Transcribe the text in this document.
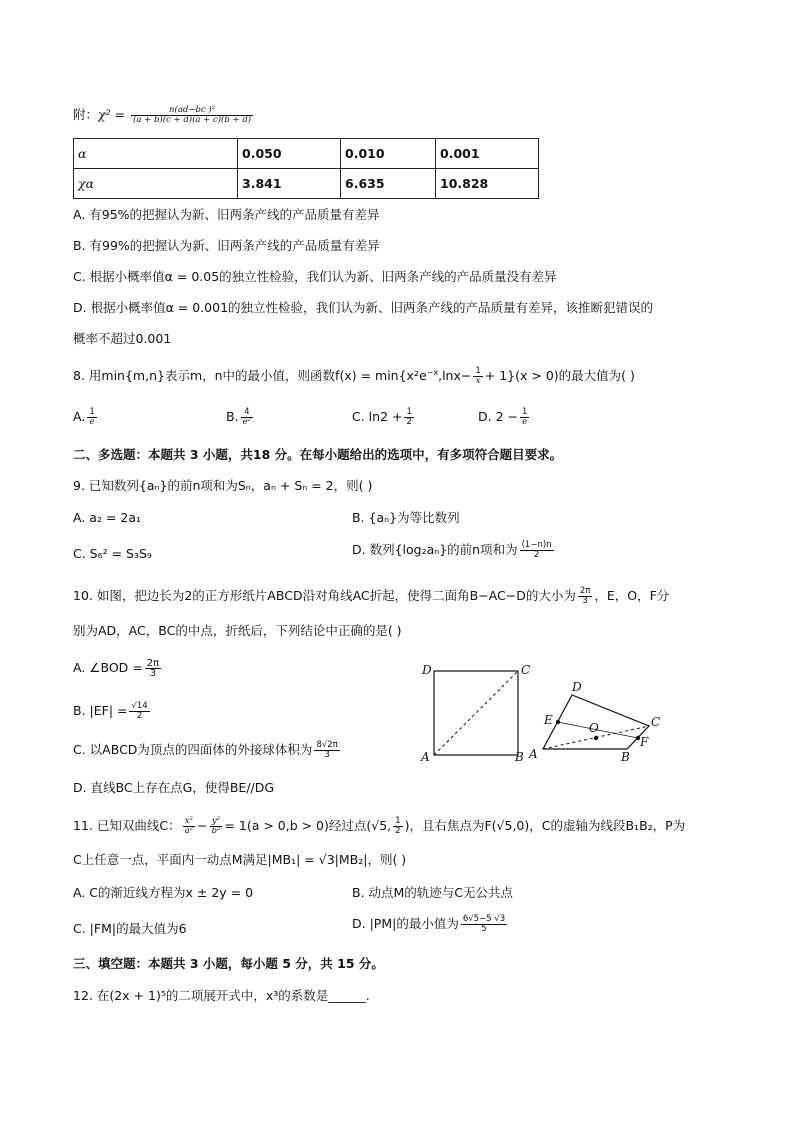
附：$\chi^2 = \frac{\text{n(ad−bc )²}}{(a + b)(c + d)(a + c)(b + d)}$
α	0.050	0.010	0.001
χα	3.841	6.635	10.828
A. 有95%的把握认为新、旧两条产线的产品质量有差异
B. 有99%的把握认为新、旧两条产线的产品质量有差异
C. 根据小概率值α = 0.05的独立性检验，我们认为新、旧两条产线的产品质量没有差异
D. 根据小概率值α = 0.001的独立性检验，我们认为新、旧两条产线的产品质量有差异，该推断犯错误的
概率不超过0.001
8. 用min{m,n}表示m，n中的最小值，则函数$f(x) = \min\{x^2e^{-x},\ln x- \frac{1}{x} + 1\}(x > 0)$的最大值为( )
A. $\frac{1}{e}$	B. $\frac{4}{\text{e²}}$	C. $\ln 2 + \frac{1}{2}$	D. $2 - \frac{1}{e}$
二、多选题：本题共 3 小题，共18 分。在每小题给出的选项中，有多项符合题目要求。
9. 已知数列{aₙ}的前n项和为Sₙ，aₙ + Sₙ = 2，则( )
A. a₂ = 2a₁	B. {aₙ}为等比数列
C. S₆² = S₃S₉	D. 数列{log₂aₙ}的前n项和为 $\frac{(1-n)n}{2}$
10. 如图，把边长为2的正方形纸片ABCD沿对角线AC折起，使得二面角B−AC−D的大小为 $\frac{2\pi}{3}$ ，E，O，F分
别为AD，AC，BC的中点，折纸后，下列结论中正确的是( )
A. ∠BOD = $\frac{2\pi}{3}$
B. $|EF| = \frac{√14}{2}$
C. 以ABCD为顶点的四面体的外接球体积为 $\frac{8√2\pi}{3}$
D. 直线BC上存在点G，使得BE//DG
D	C
A	B
D
E
O	C
F
A	B
11. 已知双曲线C： $\frac{\text{x²}}{\text{a²}} - \frac{\text{y²}}{\text{b²}} = 1(a > 0,b > 0)$经过点(√5, $\frac{1}{2}$ )，且右焦点为F(√5,0)，C的虚轴为线段B₁B₂，P为
C上任意一点，平面内一动点M满足|MB₁| = √3|MB₂|，则( )
A. C的渐近线方程为x ± 2y = 0	B. 动点M的轨迹与C无公共点
C. |FM|的最大值为6	D. |PM|的最小值为 $\frac{6√5-5 √3}{5}$
三、填空题：本题共 3 小题，每小题 5 分，共 15 分。
12. 在(2x + 1)⁵的二项展开式中，x³的系数是______.
